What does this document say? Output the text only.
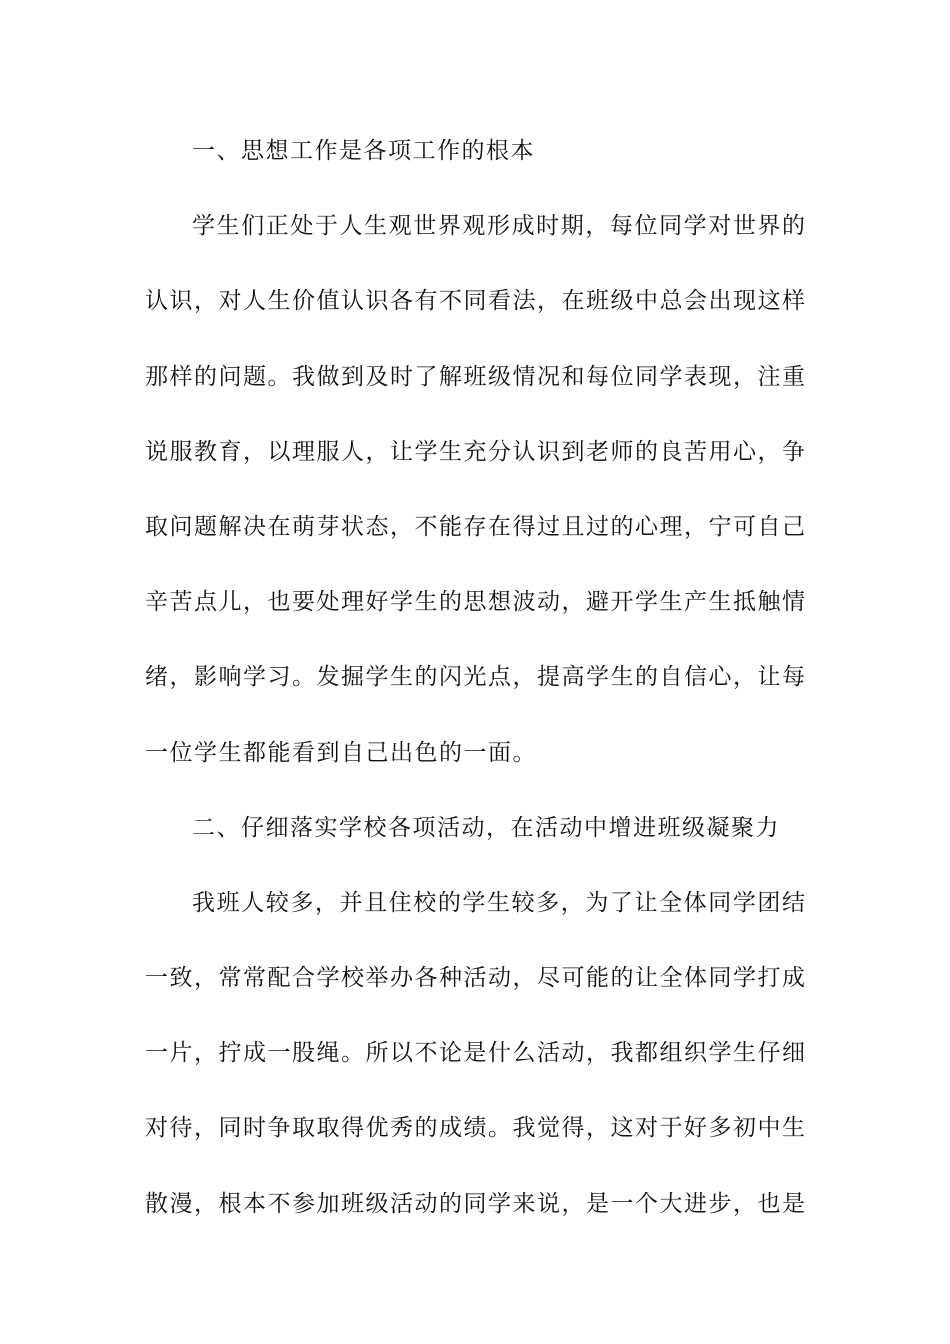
一、思想工作是各项工作的根本
学生们正处于人生观世界观形成时期，每位同学对世界的
认识，对人生价值认识各有不同看法，在班级中总会出现这样
那样的问题。我做到及时了解班级情况和每位同学表现，注重
说服教育，以理服人，让学生充分认识到老师的良苦用心，争
取问题解决在萌芽状态，不能存在得过且过的心理，宁可自己
辛苦点儿，也要处理好学生的思想波动，避开学生产生抵触情
绪，影响学习。发掘学生的闪光点，提高学生的自信心，让每
一位学生都能看到自己出色的一面。
二、仔细落实学校各项活动，在活动中增进班级凝聚力
我班人较多，并且住校的学生较多，为了让全体同学团结
一致，常常配合学校举办各种活动，尽可能的让全体同学打成
一片，拧成一股绳。所以不论是什么活动，我都组织学生仔细
对待，同时争取取得优秀的成绩。我觉得，这对于好多初中生
散漫，根本不参加班级活动的同学来说，是一个大进步，也是
